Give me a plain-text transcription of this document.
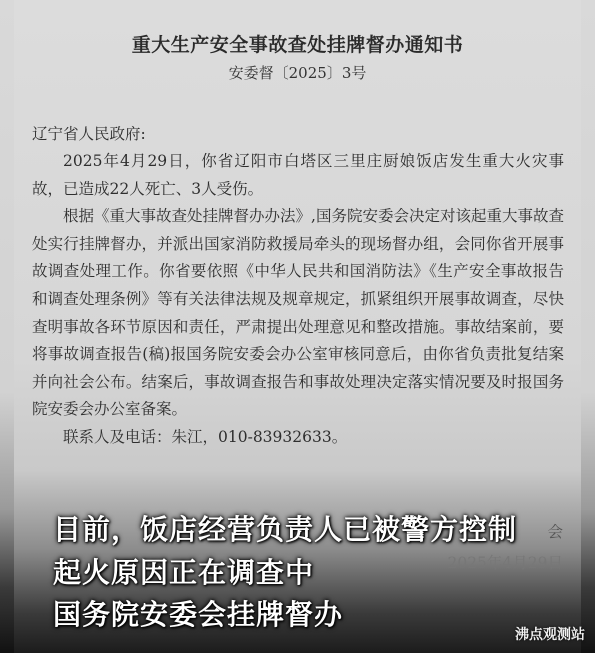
重大生产安全事故查处挂牌督办通知书
安委督〔2025〕3号
辽宁省人民政府:

2025年4月29日，你省辽阳市白塔区三里庄厨娘饭店发生重大火灾事故，已造成22人死亡、3人受伤。

根据《重大事故查处挂牌督办办法》,国务院安委会决定对该起重大事故查处实行挂牌督办，并派出国家消防救援局牵头的现场督办组，会同你省开展事故调查处理工作。你省要依照《中华人民共和国消防法》《生产安全事故报告和调查处理条例》等有关法律法规及规章规定，抓紧组织开展事故调查，尽快查明事故各环节原因和责任，严肃提出处理意见和整改措施。事故结案前，要将事故调查报告(稿)报国务院安委会办公室审核同意后，由你省负责批复结案并向社会公布。结案后，事故调查报告和事故处理决定落实情况要及时报国务院安委会办公室备案。

联系人及电话：朱江，010-83932633。

会
2025年4月29日
目前，饭店经营负责人已被警方控制
起火原因正在调查中
国务院安委会挂牌督办
沸点观测站
